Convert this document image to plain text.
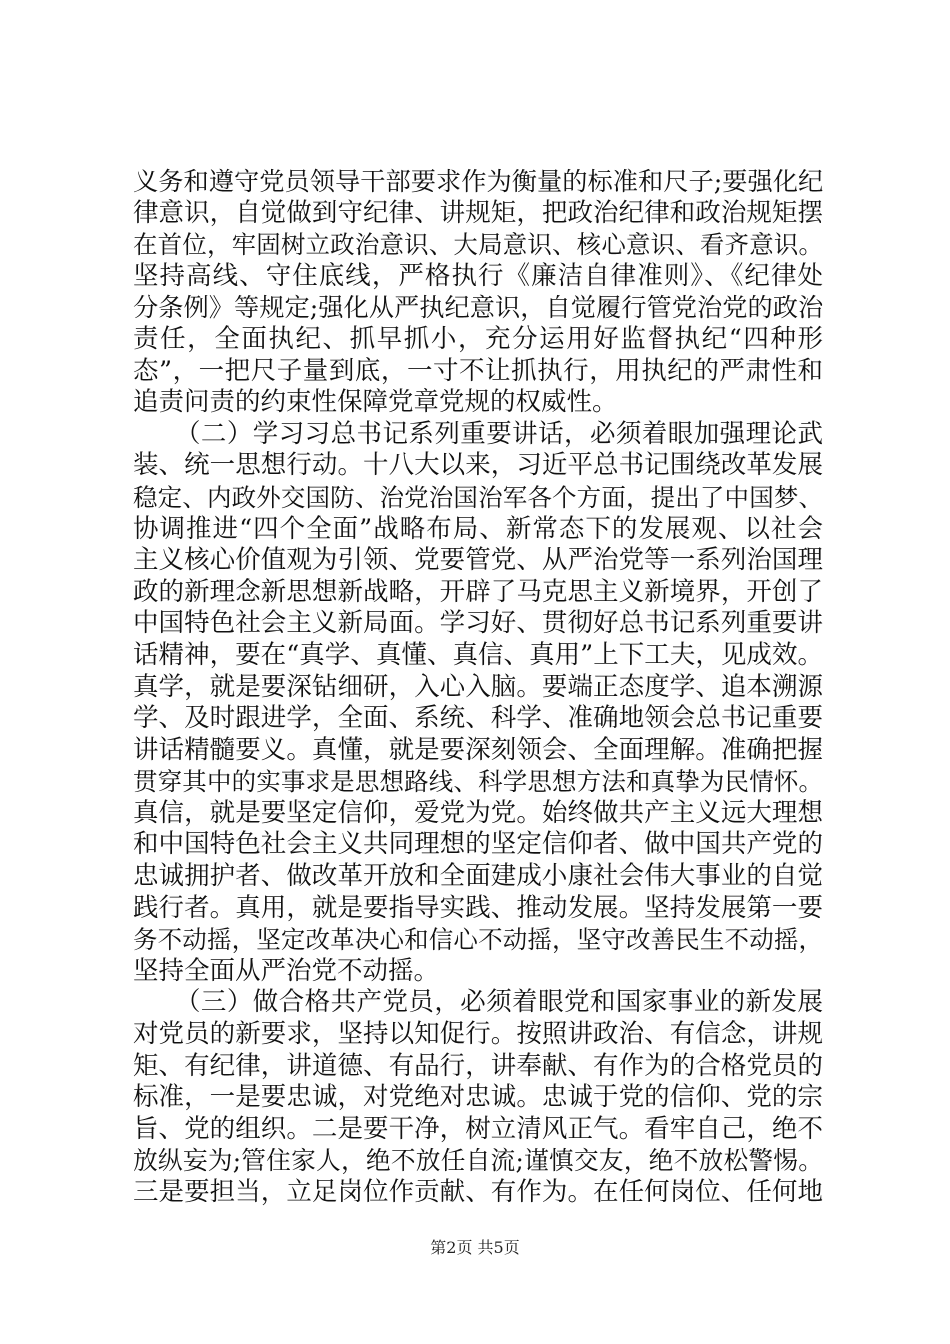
义务和遵守党员领导干部要求作为衡量的标准和尺子;要强化纪
律意识，自觉做到守纪律、讲规矩，把政治纪律和政治规矩摆
在首位，牢固树立政治意识、大局意识、核心意识、看齐意识。
坚持高线、守住底线，严格执行《廉洁自律准则》、《纪律处
分条例》等规定;强化从严执纪意识，自觉履行管党治党的政治
责任，全面执纪、抓早抓小，充分运用好监督执纪“四种形
态”，一把尺子量到底，一寸不让抓执行，用执纪的严肃性和
追责问责的约束性保障党章党规的权威性。
（二）学习习总书记系列重要讲话，必须着眼加强理论武
装、统一思想行动。十八大以来，习近平总书记围绕改革发展
稳定、内政外交国防、治党治国治军各个方面，提出了中国梦、
协调推进“四个全面”战略布局、新常态下的发展观、以社会
主义核心价值观为引领、党要管党、从严治党等一系列治国理
政的新理念新思想新战略，开辟了马克思主义新境界，开创了
中国特色社会主义新局面。学习好、贯彻好总书记系列重要讲
话精神，要在“真学、真懂、真信、真用”上下工夫，见成效。
真学，就是要深钻细研，入心入脑。要端正态度学、追本溯源
学、及时跟进学，全面、系统、科学、准确地领会总书记重要
讲话精髓要义。真懂，就是要深刻领会、全面理解。准确把握
贯穿其中的实事求是思想路线、科学思想方法和真挚为民情怀。
真信，就是要坚定信仰，爱党为党。始终做共产主义远大理想
和中国特色社会主义共同理想的坚定信仰者、做中国共产党的
忠诚拥护者、做改革开放和全面建成小康社会伟大事业的自觉
践行者。真用，就是要指导实践、推动发展。坚持发展第一要
务不动摇，坚定改革决心和信心不动摇，坚守改善民生不动摇，
坚持全面从严治党不动摇。
（三）做合格共产党员，必须着眼党和国家事业的新发展
对党员的新要求，坚持以知促行。按照讲政治、有信念，讲规
矩、有纪律，讲道德、有品行，讲奉献、有作为的合格党员的
标准，一是要忠诚，对党绝对忠诚。忠诚于党的信仰、党的宗
旨、党的组织。二是要干净，树立清风正气。看牢自己，绝不
放纵妄为;管住家人，绝不放任自流;谨慎交友，绝不放松警惕。
三是要担当，立足岗位作贡献、有作为。在任何岗位、任何地
第2页 共5页
